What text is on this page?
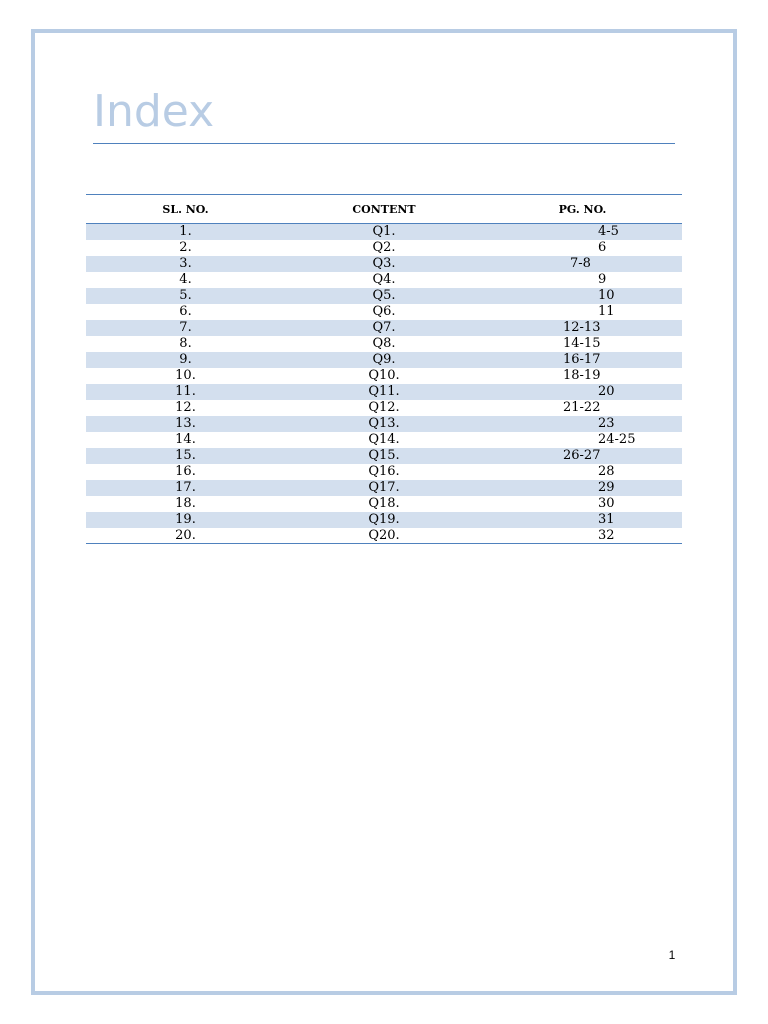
Index
SL. NO.	CONTENT	PG. NO.
1.	Q1.	4-5
2.	Q2.	6
3.	Q3.	7-8
4.	Q4.	9
5.	Q5.	10
6.	Q6.	11
7.	Q7.	12-13
8.	Q8.	14-15
9.	Q9.	16-17
10.	Q10.	18-19
11.	Q11.	20
12.	Q12.	21-22
13.	Q13.	23
14.	Q14.	24-25
15.	Q15.	26-27
16.	Q16.	28
17.	Q17.	29
18.	Q18.	30
19.	Q19.	31
20.	Q20.	32
1
